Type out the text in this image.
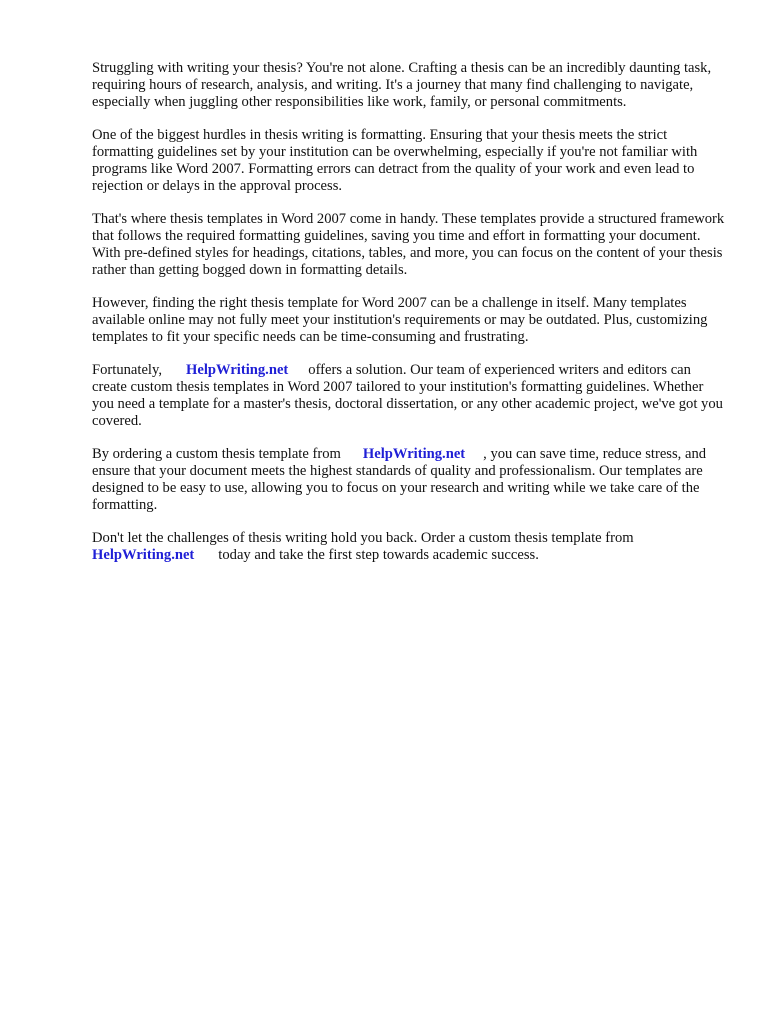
Struggling with writing your thesis? You're not alone. Crafting a thesis can be an incredibly daunting task, requiring hours of research, analysis, and writing. It's a journey that many find challenging to navigate, especially when juggling other responsibilities like work, family, or personal commitments.

One of the biggest hurdles in thesis writing is formatting. Ensuring that your thesis meets the strict formatting guidelines set by your institution can be overwhelming, especially if you're not familiar with programs like Word 2007. Formatting errors can detract from the quality of your work and even lead to rejection or delays in the approval process.

That's where thesis templates in Word 2007 come in handy. These templates provide a structured framework that follows the required formatting guidelines, saving you time and effort in formatting your document. With pre-defined styles for headings, citations, tables, and more, you can focus on the content of your thesis rather than getting bogged down in formatting details.

However, finding the right thesis template for Word 2007 can be a challenge in itself. Many templates available online may not fully meet your institution's requirements or may be outdated. Plus, customizing templates to fit your specific needs can be time-consuming and frustrating.

Fortunately, HelpWriting.net offers a solution. Our team of experienced writers and editors can create custom thesis templates in Word 2007 tailored to your institution's formatting guidelines. Whether you need a template for a master's thesis, doctoral dissertation, or any other academic project, we've got you covered.

By ordering a custom thesis template from HelpWriting.net , you can save time, reduce stress, and ensure that your document meets the highest standards of quality and professionalism. Our templates are designed to be easy to use, allowing you to focus on your research and writing while we take care of the formatting.

Don't let the challenges of thesis writing hold you back. Order a custom thesis template from HelpWriting.net today and take the first step towards academic success.
